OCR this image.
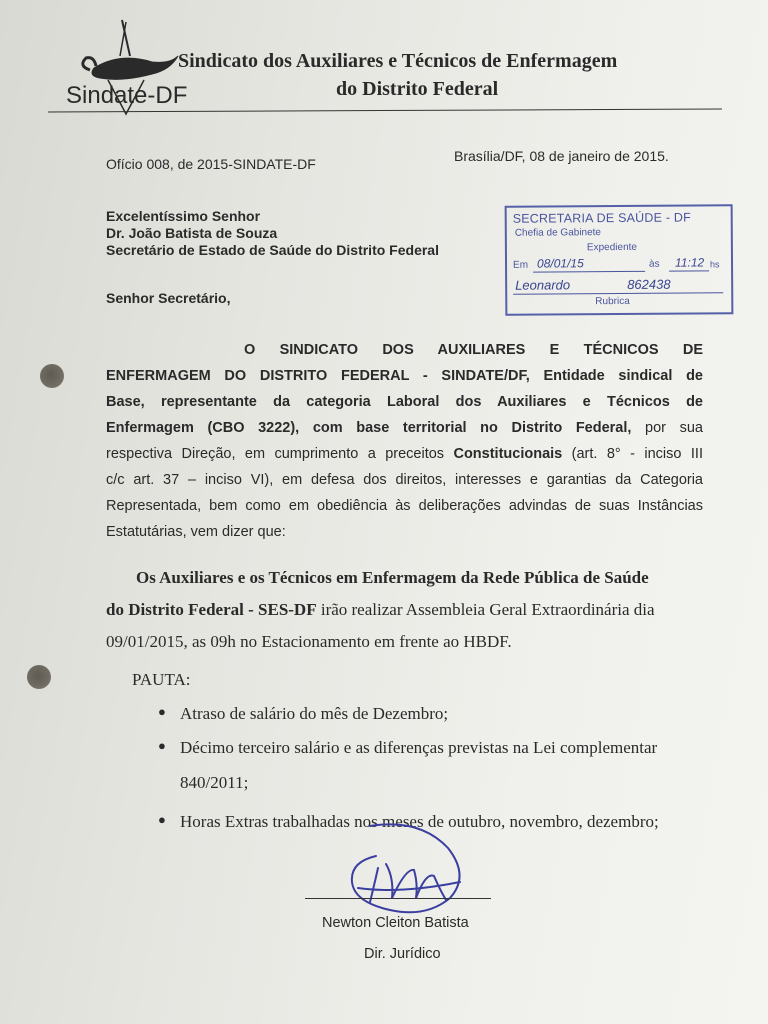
Sindate-DF
Sindicato dos Auxiliares e Técnicos de Enfermagem
do Distrito Federal
Ofício 008, de 2015-SINDATE-DF	Brasília/DF, 08 de janeiro de 2015.
Excelentíssimo Senhor
Dr. João Batista de Souza
Secretário de Estado de Saúde do Distrito Federal
SECRETARIA DE SAÚDE - DF
Chefia de Gabinete
Expediente
Em 08/01/15	às 11:12 hs
Leonardo	862438
Rubrica
Senhor Secretário,
O SINDICATO DOS AUXILIARES E TÉCNICOS DE
ENFERMAGEM DO DISTRITO FEDERAL - SINDATE/DF, Entidade sindical de
Base, representante da categoria Laboral dos Auxiliares e Técnicos de
Enfermagem (CBO 3222), com base territorial no Distrito Federal, por sua
respectiva Direção, em cumprimento a preceitos Constitucionais (art. 8° - inciso III
c/c art. 37 – inciso VI), em defesa dos direitos, interesses e garantias da Categoria
Representada, bem como em obediência às deliberações advindas de suas Instâncias
Estatutárias, vem dizer que:
Os Auxiliares e os Técnicos em Enfermagem da Rede Pública de Saúde
do Distrito Federal - SES-DF irão realizar Assembleia Geral Extraordinária dia
09/01/2015, as 09h no Estacionamento em frente ao HBDF.
PAUTA:
● Atraso de salário do mês de Dezembro;
● Décimo terceiro salário e as diferenças previstas na Lei complementar
840/2011;
● Horas Extras trabalhadas nos meses de outubro, novembro, dezembro;
Newton Cleiton Batista
Dir. Jurídico
